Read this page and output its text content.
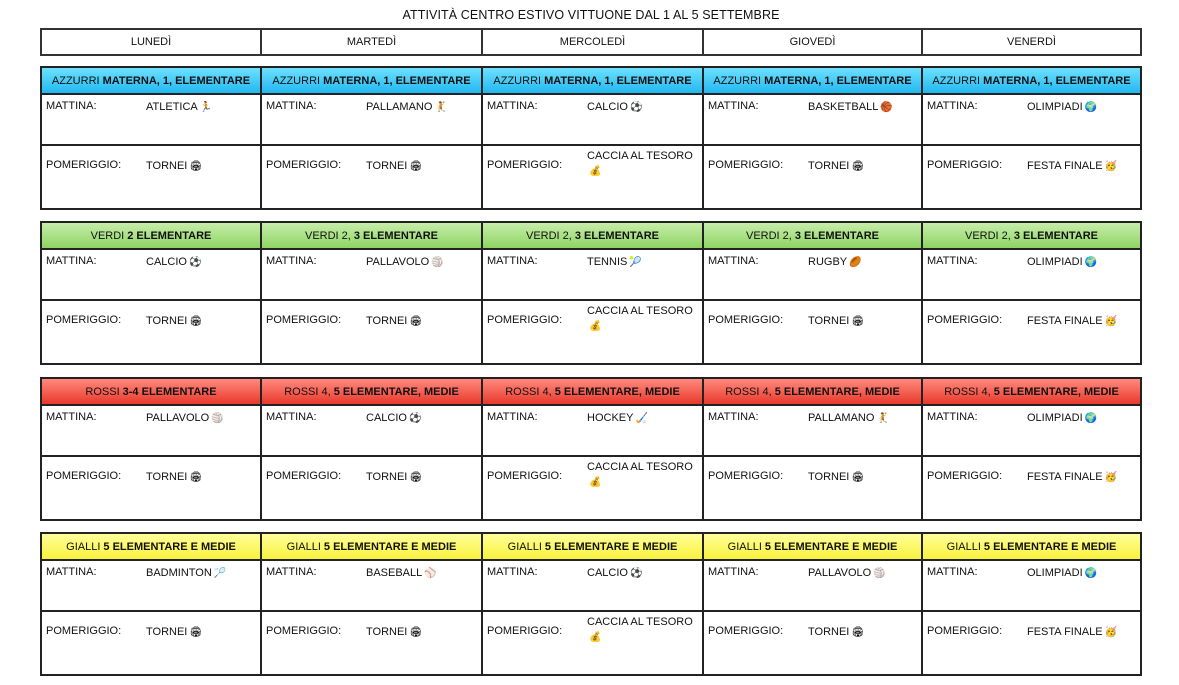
ATTIVITÀ CENTRO ESTIVO VITTUONE DAL 1 AL 5 SETTEMBRE
LUNEDÌ	MARTEDÌ	MERCOLEDÌ	GIOVEDÌ	VENERDÌ
AZZURRI MATERNA, 1, ELEMENTARE
MATTINA:	ATLETICA 🏃
POMERIGGIO: TORNEI 🏟
AZZURRI MATERNA, 1, ELEMENTARE
MATTINA:	PALLAMANO 🤾
POMERIGGIO: TORNEI 🏟
AZZURRI MATERNA, 1, ELEMENTARE
MATTINA:	CALCIO ⚽
POMERIGGIO:
CACCIA AL TESORO
💰
AZZURRI MATERNA, 1, ELEMENTARE
MATTINA:	BASKETBALL 🏀
POMERIGGIO: TORNEI 🏟
AZZURRI MATERNA, 1, ELEMENTARE
MATTINA:	OLIMPIADI 🌍
POMERIGGIO: FESTA FINALE 🥳
VERDI 2 ELEMENTARE
MATTINA:	CALCIO ⚽
POMERIGGIO: TORNEI 🏟
VERDI 2, 3 ELEMENTARE
MATTINA:	PALLAVOLO 🏐
POMERIGGIO: TORNEI 🏟
VERDI 2, 3 ELEMENTARE
MATTINA:	TENNIS 🎾
POMERIGGIO:
CACCIA AL TESORO
💰
VERDI 2, 3 ELEMENTARE
MATTINA:	RUGBY 🏉
POMERIGGIO: TORNEI 🏟
VERDI 2, 3 ELEMENTARE
MATTINA:	OLIMPIADI 🌍
POMERIGGIO: FESTA FINALE 🥳
ROSSI 3-4 ELEMENTARE
MATTINA:	PALLAVOLO 🏐
POMERIGGIO: TORNEI 🏟
ROSSI 4, 5 ELEMENTARE, MEDIE
MATTINA:	CALCIO ⚽
POMERIGGIO: TORNEI 🏟
ROSSI 4, 5 ELEMENTARE, MEDIE
MATTINA:	HOCKEY 🏑
POMERIGGIO:
CACCIA AL TESORO
💰
ROSSI 4, 5 ELEMENTARE, MEDIE
MATTINA:	PALLAMANO 🤾
POMERIGGIO: TORNEI 🏟
ROSSI 4, 5 ELEMENTARE, MEDIE
MATTINA:	OLIMPIADI 🌍
POMERIGGIO: FESTA FINALE 🥳
GIALLI 5 ELEMENTARE E MEDIE
MATTINA:	BADMINTON 🏸
POMERIGGIO: TORNEI 🏟
GIALLI 5 ELEMENTARE E MEDIE
MATTINA:	BASEBALL ⚾
POMERIGGIO: TORNEI 🏟
GIALLI 5 ELEMENTARE E MEDIE
MATTINA:	CALCIO ⚽
POMERIGGIO:
CACCIA AL TESORO
💰
GIALLI 5 ELEMENTARE E MEDIE
MATTINA:	PALLAVOLO 🏐
POMERIGGIO: TORNEI 🏟
GIALLI 5 ELEMENTARE E MEDIE
MATTINA:	OLIMPIADI 🌍
POMERIGGIO: FESTA FINALE 🥳
